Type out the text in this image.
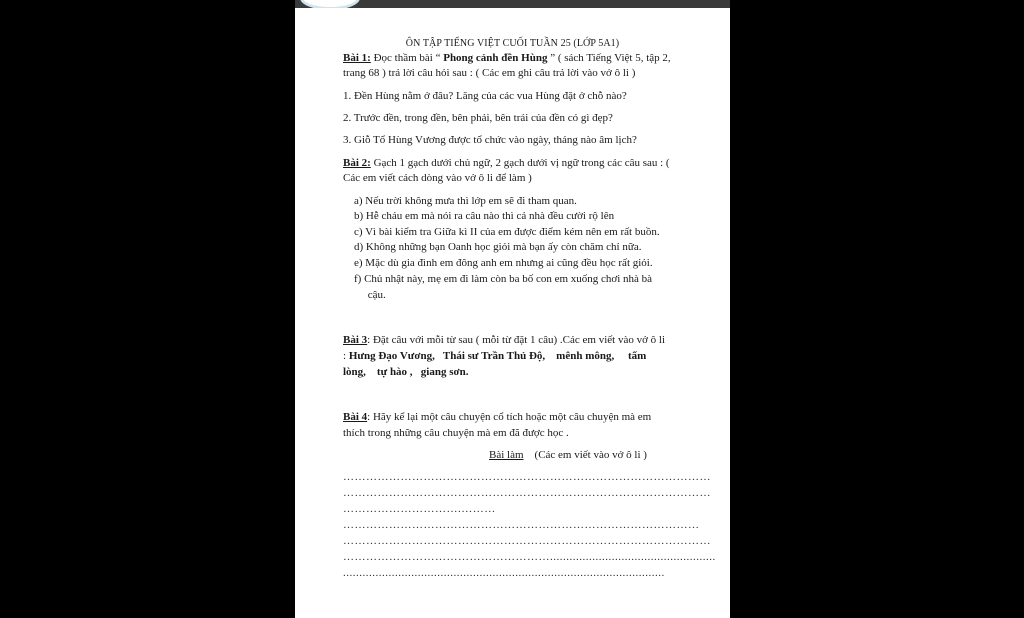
ÔN TẬP TIẾNG VIỆT CUỐI TUẦN 25 (LỚP 5A1)
Bài 1: Đọc thầm bài “ Phong cảnh đền Hùng ” ( sách Tiếng Việt 5, tập 2,
trang 68 ) trả lời câu hỏi sau : ( Các em ghi câu trả lời vào vở ô li )
1. Đền Hùng nằm ở đâu? Lăng của các vua Hùng đặt ở chỗ nào?
2. Trước đền, trong đền, bên phải, bên trái của đền có gì đẹp?
3. Giỗ Tổ Hùng Vương được tổ chức vào ngày, tháng nào âm lịch?
Bài 2: Gạch 1 gạch dưới chủ ngữ, 2 gạch dưới vị ngữ trong các câu sau : (
Các em viết cách dòng vào vở ô li để làm )
a) Nếu trời không mưa thì lớp em sẽ đi tham quan.
b) Hễ cháu em mà nói ra câu nào thì cả nhà đều cười rộ lên
c) Vì bài kiểm tra Giữa kì II của em được điểm kém nên em rất buồn.
d) Không những bạn Oanh học giỏi mà bạn ấy còn chăm chỉ nữa.
e) Mặc dù gia đình em đông anh em nhưng ai cũng đều học rất giỏi.
f) Chủ nhật này, mẹ em đi làm còn ba bố con em xuống chơi nhà bà
cậu.
Bài 3: Đặt câu với mỗi từ sau ( mỗi từ đặt 1 câu) .Các em viết vào vở ô li
: Hưng Đạo Vương,   Thái sư Trần Thủ Độ,    mênh mông,     tấm
lòng,    tự hào ,   giang sơn.
Bài 4: Hãy kể lại một câu chuyện cổ tích hoặc một câu chuyện mà em
thích trong những câu chuyện mà em đã được học .
Bài làm    (Các em viết vào vở ô li )
……………………………………………………………………………………
……………………………………………………………………………………
………………………….………
…………………………………………………………………………………
……………………………………………………………………………………
………………………………………………...................................................
...................................................................................................
